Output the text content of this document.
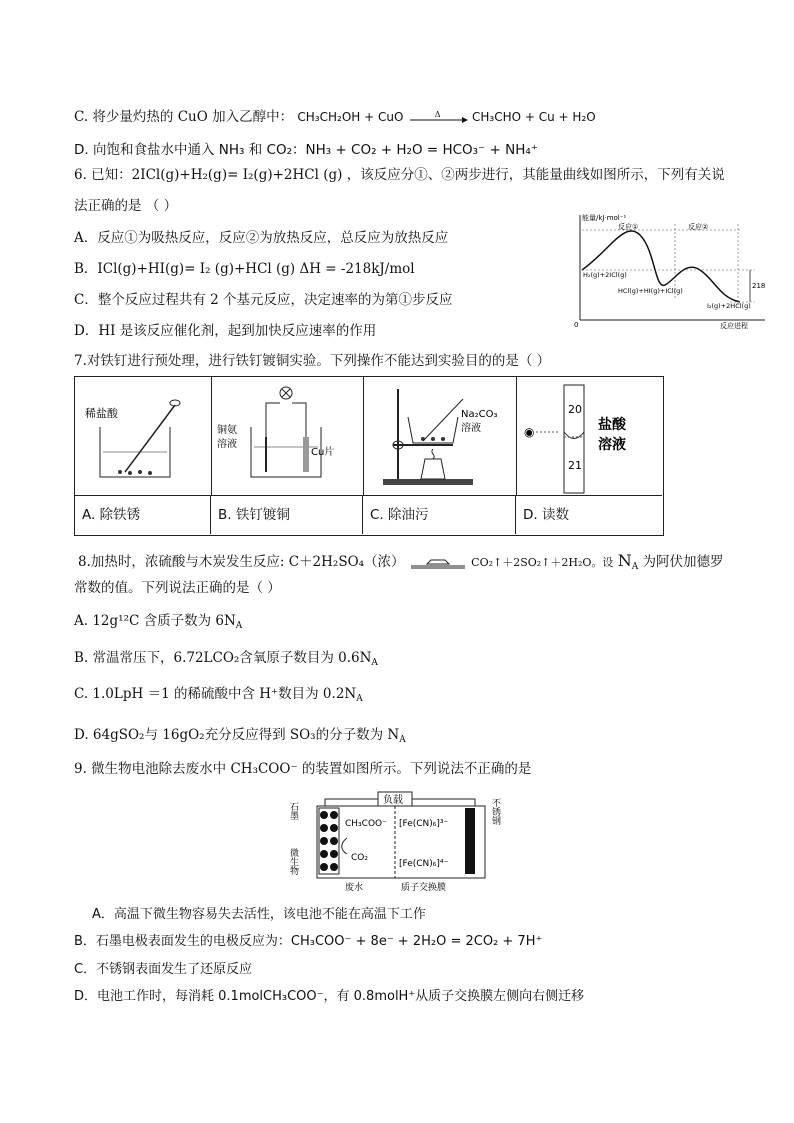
C. 将少量灼热的 CuO 加入乙醇中： CH₃CH₂OH + CuO	Δ	CH₃CHO + Cu + H₂O
D. 向饱和食盐水中通入 NH₃ 和 CO₂：NH₃ + CO₂ + H₂O = HCO₃⁻ + NH₄⁺
6. 已知：2ICl(g)+H₂(g)= I₂(g)+2HCl (g) ，该反应分①、②两步进行，其能量曲线如图所示，下列有关说
法正确的是 （ ）
A．反应①为吸热反应，反应②为放热反应，总反应为放热反应
B．ICl(g)+HI(g)= I₂ (g)+HCl (g) ΔH = -218kJ/mol
C．整个反应过程共有 2 个基元反应，决定速率的为第①步反应
D．HI 是该反应催化剂，起到加快反应速率的作用
能量/kJ·mol⁻¹
反应①	反应②
218
H₂(g)+2ICl(g)
HCl(g)+HI(g)+ICl(g)
I₂(g)+2HCl(g)
0	反应进程
7.对铁钉进行预处理，进行铁钉镀铜实验。下列操作不能达到实验目的的是（ ）
稀盐酸
铜氨
溶液
Cu片
Na₂CO₃
溶液	◉
20
21
盐酸
溶液
A. 除铁锈	B. 铁钉镀铜	C. 除油污	D. 读数
8.加热时，浓硫酸与木炭发生反应: C＋2H₂SO₄（浓）	CO₂↑＋2SO₂↑＋2H₂O。设 $N_A$ 为阿伏加德罗
常数的值。下列说法正确的是（ ）
A. 12g¹²C 含质子数为 $6N_A$
B. 常温常压下，6.72LCO₂含氧原子数目为 $0.6N_A$
C. 1.0LpH ＝1 的稀硫酸中含 H⁺数目为 $0.2N_A$
D. 64gSO₂与 16gO₂充分反应得到 SO₃的分子数为 $N_A$
9. 微生物电池除去废水中 CH₃COO⁻ 的装置如图所示。下列说法不正确的是
负载
CH₃COO⁻
CO₂
[Fe(CN)₆]³⁻
[Fe(CN)₆]⁴⁻
石墨	不锈钢
微生物
废水	质子交换膜
A．高温下微生物容易失去活性，该电池不能在高温下工作
B．石墨电极表面发生的电极反应为：CH₃COO⁻ + 8e⁻ + 2H₂O = 2CO₂ + 7H⁺
C．不锈钢表面发生了还原反应
D．电池工作时，每消耗 0.1molCH₃COO⁻，有 0.8molH⁺从质子交换膜左侧向右侧迁移
